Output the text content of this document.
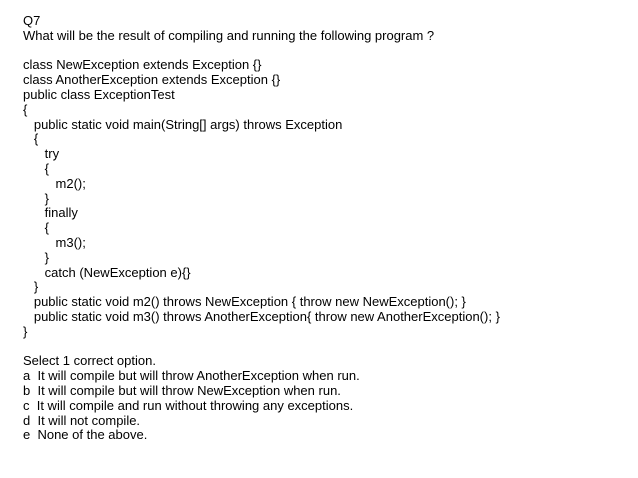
Q7
What will be the result of compiling and running the following program ?
class NewException extends Exception {}
class AnotherException extends Exception {}
public class ExceptionTest
{
public static void main(String[] args) throws Exception
{
try
{
m2();
}
finally
{
m3();
}
catch (NewException e){}
}
public static void m2() throws NewException { throw new NewException(); }
public static void m3() throws AnotherException{ throw new AnotherException(); }
}
Select 1 correct option.
a  It will compile but will throw AnotherException when run.
b  It will compile but will throw NewException when run.
c  It will compile and run without throwing any exceptions.
d  It will not compile.
e  None of the above.
